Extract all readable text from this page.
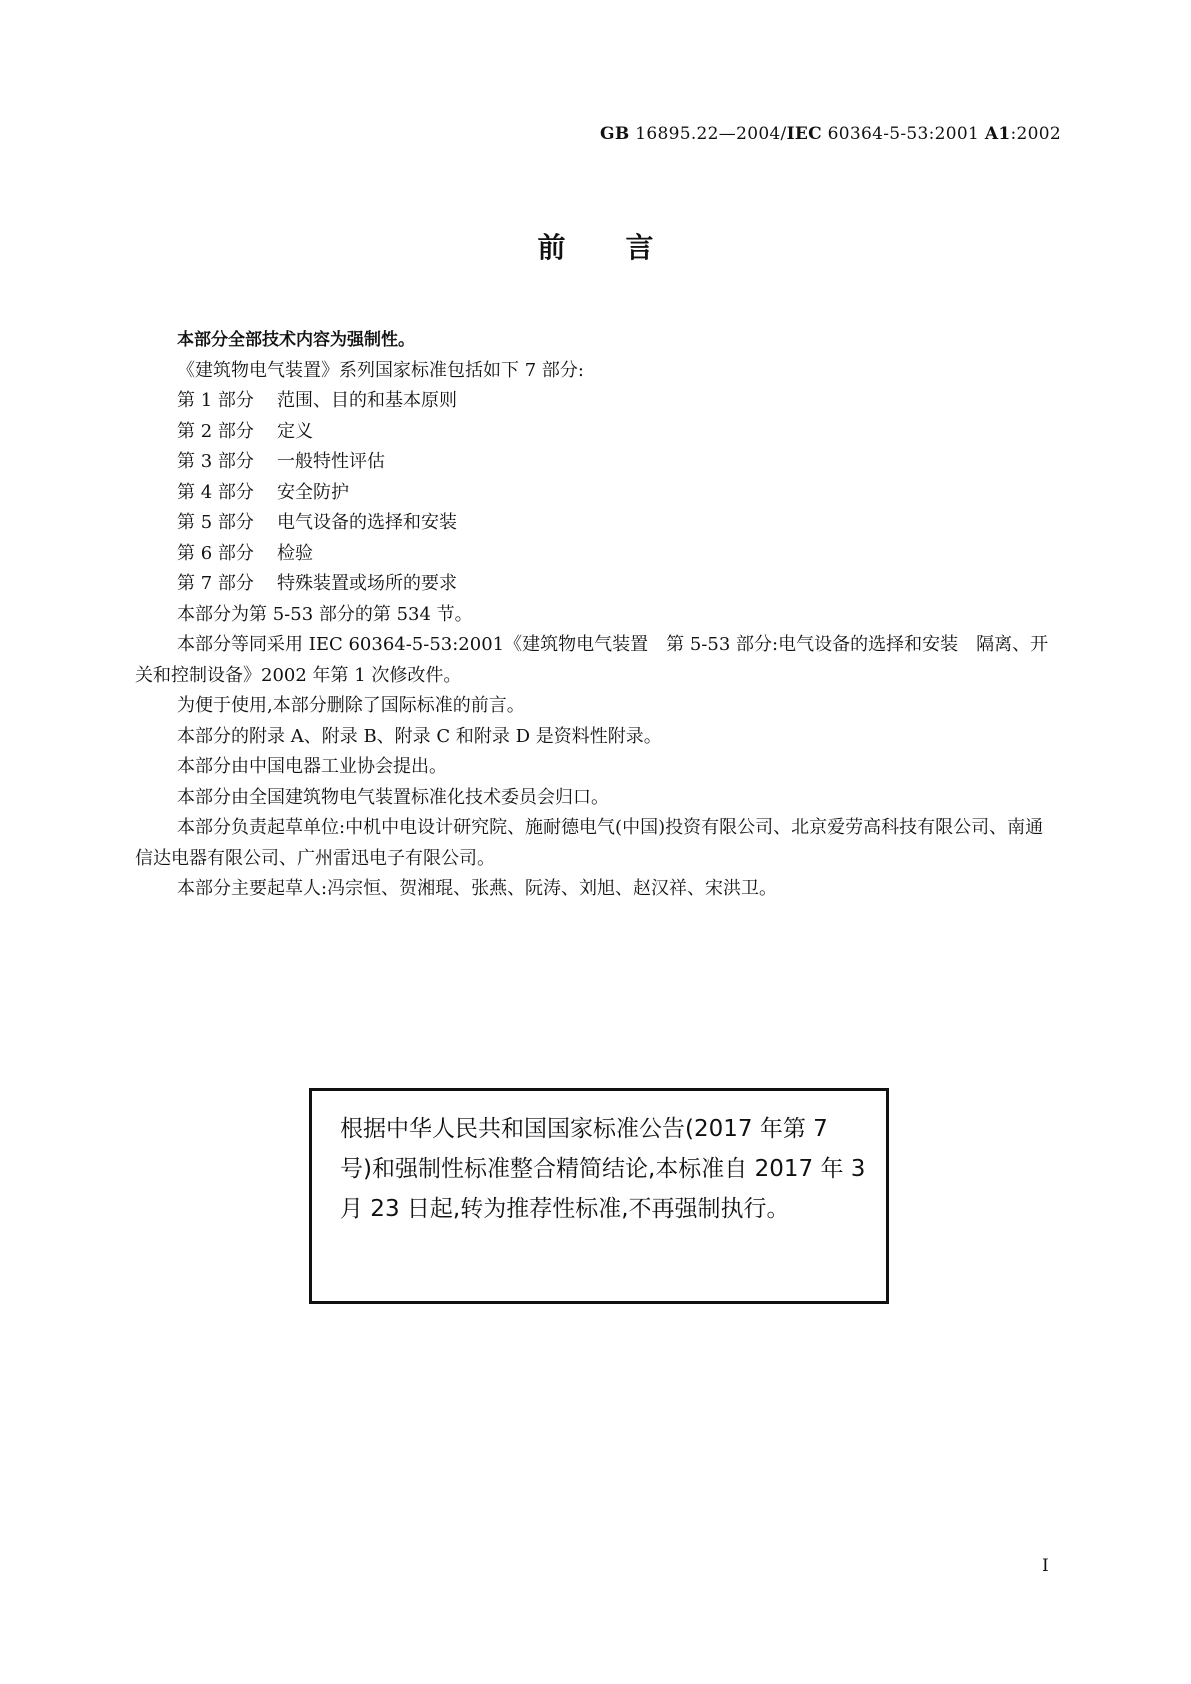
GB 16895.22—2004/IEC 60364-5-53:2001 A1:2002
前 言

本部分全部技术内容为强制性。

《建筑物电气装置》系列国家标准包括如下 7 部分:

第 1 部分 范围、目的和基本原则
第 2 部分 定义
第 3 部分 一般特性评估
第 4 部分 安全防护
第 5 部分 电气设备的选择和安装
第 6 部分 检验
第 7 部分 特殊装置或场所的要求

本部分为第 5-53 部分的第 534 节。

本部分等同采用 IEC 60364-5-53:2001《建筑物电气装置　第 5-53 部分:电气设备的选择和安装　隔离、开关和控制设备》2002 年第 1 次修改件。

为便于使用,本部分删除了国际标准的前言。

本部分的附录 A、附录 B、附录 C 和附录 D 是资料性附录。

本部分由中国电器工业协会提出。

本部分由全国建筑物电气装置标准化技术委员会归口。

本部分负责起草单位:中机中电设计研究院、施耐德电气(中国)投资有限公司、北京爱劳高科技有限公司、南通信达电器有限公司、广州雷迅电子有限公司。

本部分主要起草人:冯宗恒、贺湘琨、张燕、阮涛、刘旭、赵汉祥、宋洪卫。

根据中华人民共和国国家标准公告(2017 年第 7 号)和强制性标准整合精简结论,本标准自 2017 年 3 月 23 日起,转为推荐性标准,不再强制执行。
I
